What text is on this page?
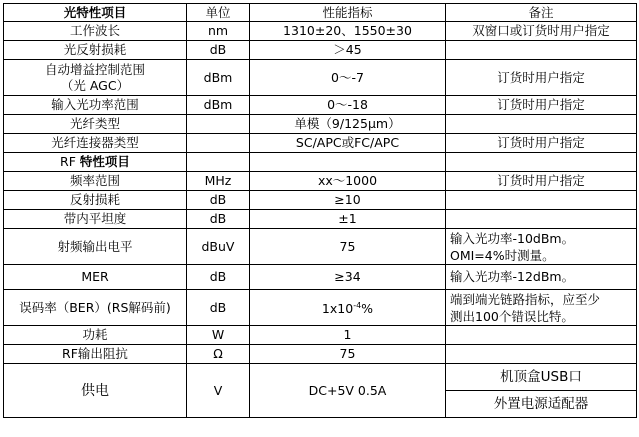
光特性项目	单位	性能指标	备注
工作波长	nm	1310±20、1550±30	双窗口或订货时用户指定
光反射损耗	dB	＞45	

自动增益控制范围
（光 AGC）	dBm	0～-7	订货时用户指定
输入光功率范围	dBm	0～-18	订货时用户指定
光纤类型		单模（9/125μm）	
光纤连接器类型		SC/APC或FC/APC	订货时用户指定
RF 特性项目			
频率范围	MHz	xx～1000	订货时用户指定
反射损耗	dB	≥10	
带内平坦度	dB	±1	
射频输出电平	dBuV	75	输入光功率-10dBm。
OMI=4%时测量。

MER	dB	≥34	输入光功率-12dBm。
误码率（BER）(RS解码前)	dB	$1x10^{-4}\%$	端到端光链路指标，应至少
测出100个错误比特。

功耗	W	1	
RF输出阻抗	Ω	75	
供电	V	DC+5V 0.5A	机顶盒USB口
			外置电源适配器
